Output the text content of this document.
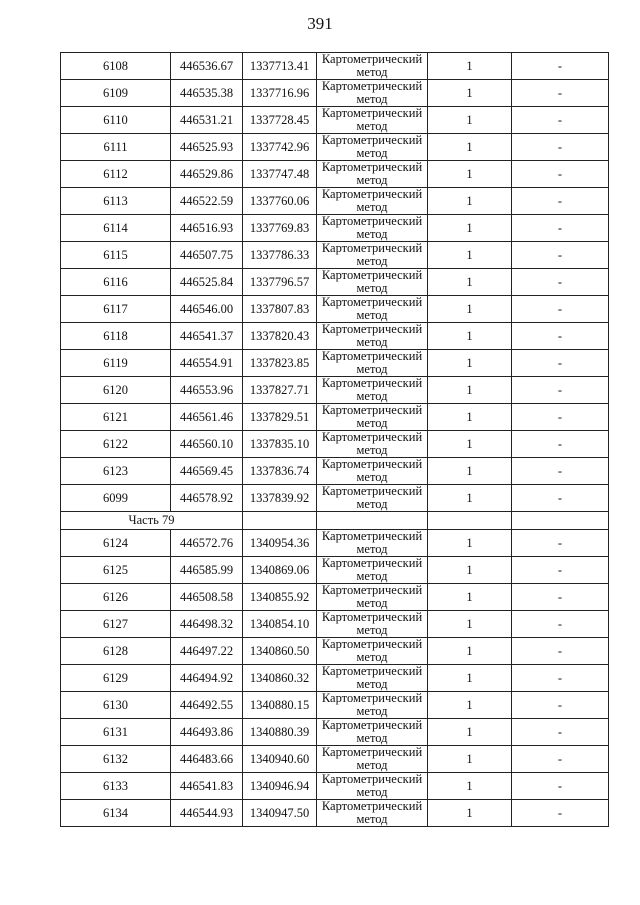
391
6108	446536.67	1337713.41	Картометрический метод	1	-
6109	446535.38	1337716.96	Картометрический метод	1	-
6110	446531.21	1337728.45	Картометрический метод	1	-
6111	446525.93	1337742.96	Картометрический метод	1	-
6112	446529.86	1337747.48	Картометрический метод	1	-
6113	446522.59	1337760.06	Картометрический метод	1	-
6114	446516.93	1337769.83	Картометрический метод	1	-
6115	446507.75	1337786.33	Картометрический метод	1	-
6116	446525.84	1337796.57	Картометрический метод	1	-
6117	446546.00	1337807.83	Картометрический метод	1	-
6118	446541.37	1337820.43	Картометрический метод	1	-
6119	446554.91	1337823.85	Картометрический метод	1	-
6120	446553.96	1337827.71	Картометрический метод	1	-
6121	446561.46	1337829.51	Картометрический метод	1	-
6122	446560.10	1337835.10	Картометрический метод	1	-
6123	446569.45	1337836.74	Картометрический метод	1	-
6099	446578.92	1337839.92	Картометрический метод	1	-
Часть 79					
6124	446572.76	1340954.36	Картометрический метод	1	-
6125	446585.99	1340869.06	Картометрический метод	1	-
6126	446508.58	1340855.92	Картометрический метод	1	-
6127	446498.32	1340854.10	Картометрический метод	1	-
6128	446497.22	1340860.50	Картометрический метод	1	-
6129	446494.92	1340860.32	Картометрический метод	1	-
6130	446492.55	1340880.15	Картометрический метод	1	-
6131	446493.86	1340880.39	Картометрический метод	1	-
6132	446483.66	1340940.60	Картометрический метод	1	-
6133	446541.83	1340946.94	Картометрический метод	1	-
6134	446544.93	1340947.50	Картометрический метод	1	-
